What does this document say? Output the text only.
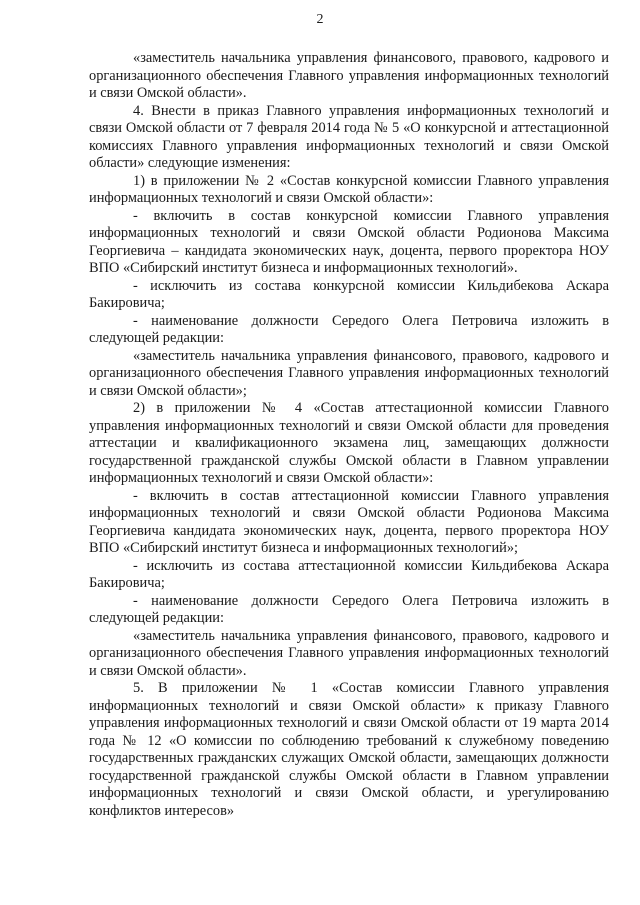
2

«заместитель начальника управления финансового, правового, кадрового и организационного обеспечения Главного управления информационных технологий и связи Омской области».

4. Внести в приказ Главного управления информационных технологий и связи Омской области от 7 февраля 2014 года № 5 «О конкурсной и аттестационной комиссиях Главного управления информационных технологий и связи Омской области» следующие изменения:

1) в приложении № 2 «Состав конкурсной комиссии Главного управления информационных технологий и связи Омской области»:

- включить в состав конкурсной комиссии Главного управления информационных технологий и связи Омской области Родионова Максима Георгиевича – кандидата экономических наук, доцента, первого проректора НОУ ВПО «Сибирский институт бизнеса и информационных технологий».

- исключить из состава конкурсной комиссии Кильдибекова Аскара Бакировича;

- наименование должности Середого Олега Петровича изложить в следующей редакции:

«заместитель начальника управления финансового, правового, кадрового и организационного обеспечения Главного управления информационных технологий и связи Омской области»;

2) в приложении № 4 «Состав аттестационной комиссии Главного управления информационных технологий и связи Омской области для проведения аттестации и квалификационного экзамена лиц, замещающих должности государственной гражданской службы Омской области в Главном управлении информационных технологий и связи Омской области»:

- включить в состав аттестационной комиссии Главного управления информационных технологий и связи Омской области Родионова Максима Георгиевича кандидата экономических наук, доцента, первого проректора НОУ ВПО «Сибирский институт бизнеса и информационных технологий»;

- исключить из состава аттестационной комиссии Кильдибекова Аскара Бакировича;

- наименование должности Середого Олега Петровича изложить в следующей редакции:

«заместитель начальника управления финансового, правового, кадрового и организационного обеспечения Главного управления информационных технологий и связи Омской области».

5. В приложении № 1 «Состав комиссии Главного управления информационных технологий и связи Омской области» к приказу Главного управления информационных технологий и связи Омской области от 19 марта 2014 года № 12 «О комиссии по соблюдению требований к служебному поведению государственных гражданских служащих Омской области, замещающих должности государственной гражданской службы Омской области в Главном управлении информационных технологий и связи Омской области, и урегулированию конфликтов интересов»
